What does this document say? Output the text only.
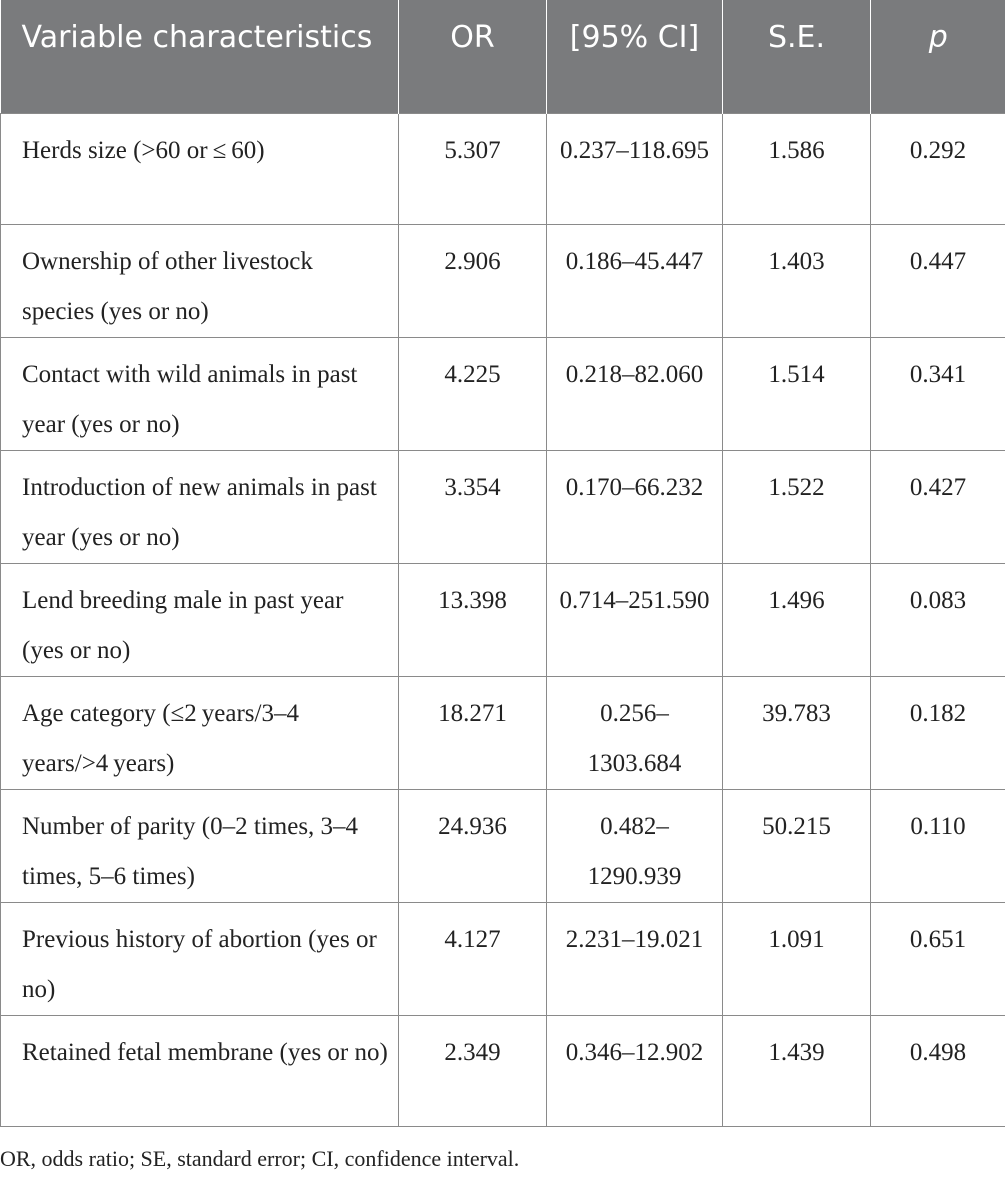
Variable characteristics	OR	[95% CI]	S.E.	p
Herds size (>60 or ≤ 60)	5.307	0.237–118.695	1.586	0.292
Ownership of other livestock species (yes or no)	2.906	0.186–45.447	1.403	0.447
Contact with wild animals in past year (yes or no)	4.225	0.218–82.060	1.514	0.341
Introduction of new animals in past year (yes or no)	3.354	0.170–66.232	1.522	0.427
Lend breeding male in past year (yes or no)	13.398	0.714–251.590	1.496	0.083
Age category (≤2 years/3–4 years/>4 years)	18.271	0.256–1303.684	39.783	0.182
Number of parity (0–2 times, 3–4 times, 5–6 times)	24.936	0.482–1290.939	50.215	0.110
Previous history of abortion (yes or no)	4.127	2.231–19.021	1.091	0.651
Retained fetal membrane (yes or no)	2.349	0.346–12.902	1.439	0.498
OR, odds ratio; SE, standard error; CI, confidence interval.
